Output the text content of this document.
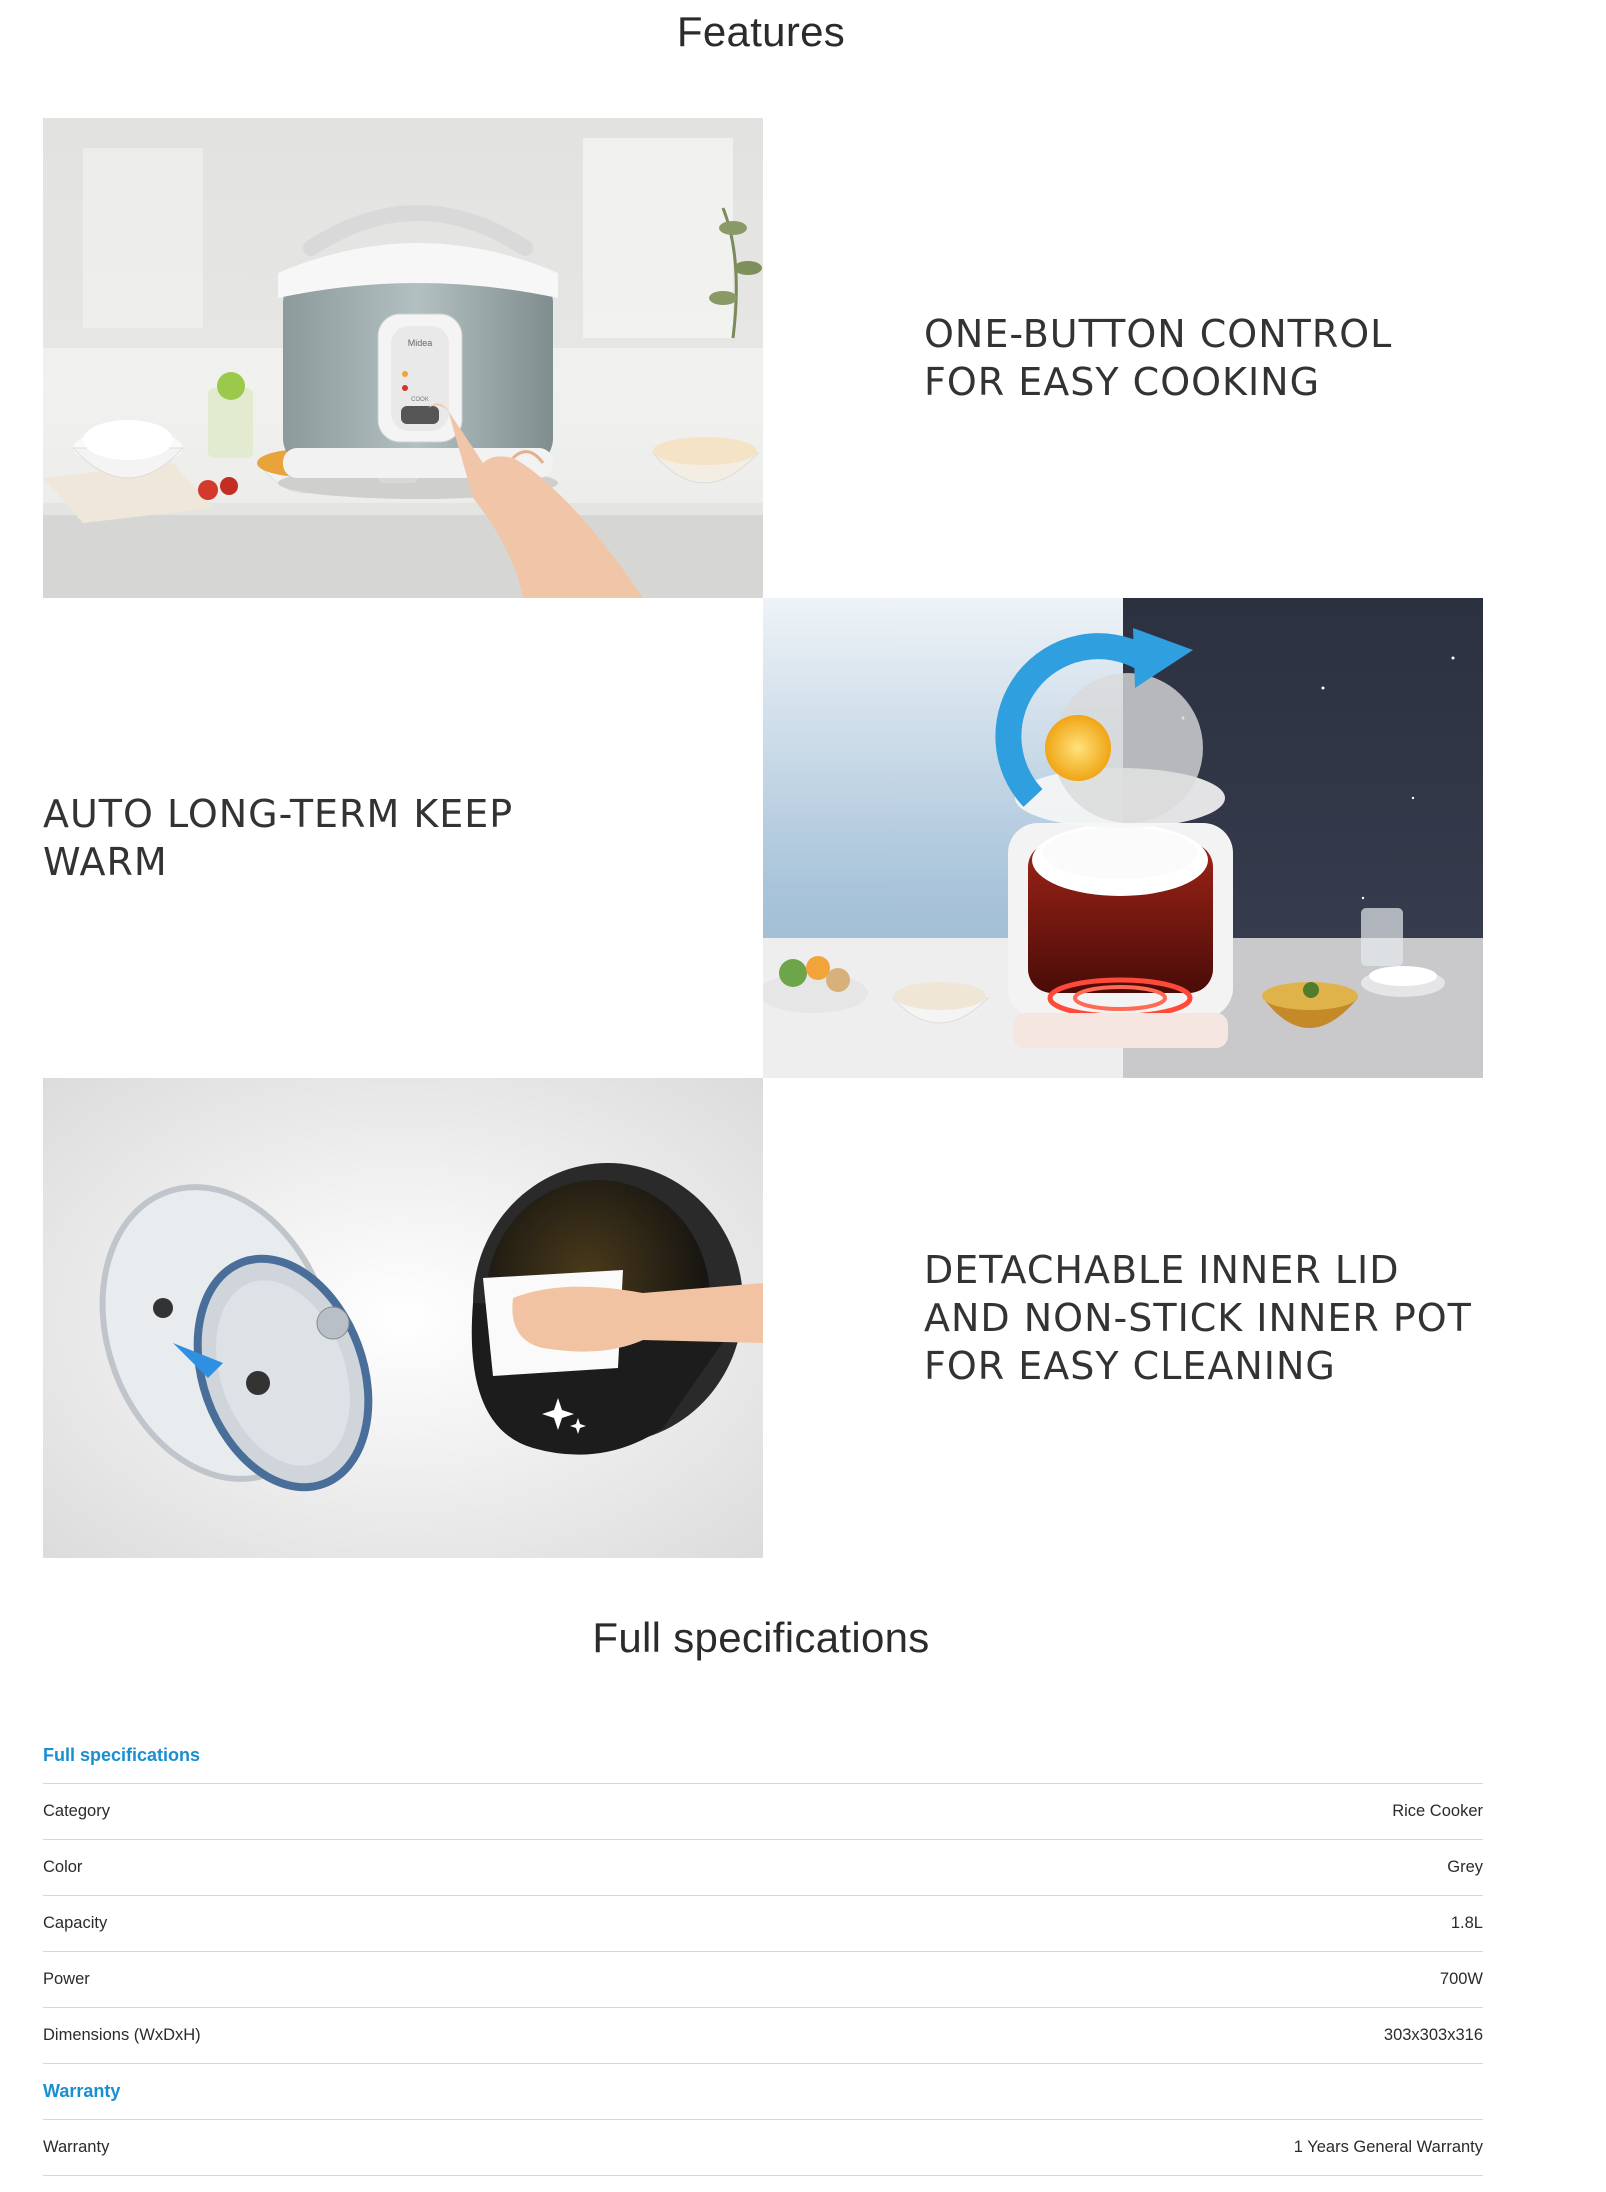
Features
Midea
COOK
ONE-BUTTON CONTROL FOR EASY COOKING
AUTO LONG-TERM KEEP WARM
DETACHABLE INNER LID AND NON-STICK INNER POT FOR EASY CLEANING
Full specifications
Full specifications
Category	Rice Cooker
Color	Grey
Capacity	1.8L
Power	700W
Dimensions (WxDxH)	303x303x316
Warranty
Warranty	1 Years General Warranty
